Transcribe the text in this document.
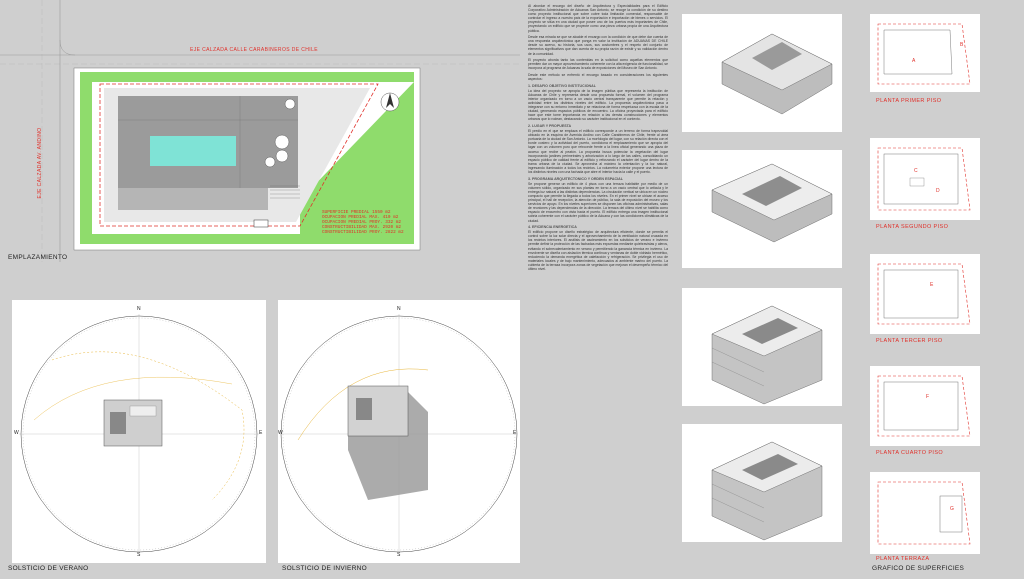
EJE CALZADA CALLE CARABINEROS DE CHILE
EJE CALZADA AV. ANDINO
SUPERFICIE PREDIAL 1550 m2
OCUPACION PREDIAL MAX. 410 m2
OCUPACION PREDIAL PROY. 332 m2
CONSTRUCTIBILIDAD MAX. 2920 m2
CONSTRUCTIBILIDAD PROY. 2822 m2
EMPLAZAMIENTO
N
S
W	E
SOLSTICIO DE VERANO
N
S
W	E
SOLSTICIO DE INVIERNO

Al abordar el encargo del diseño de Arquitectura y Especialidades para el Edificio Corporativo Administración de Aduanas San Antonio, se recoge la condición de su destino como proyecto institucional que sobre cubre toda limitación comercial, responsable de controlar el ingreso a nuestro país de la exportación e importación de bienes o servicios. El proyecto se sitúa en una ciudad que posee uno de los puertos más importantes de Chile, proyectando un edificio que se proyecte como una pieza urbana propia de una Arquitectura pública.

Desde esa mirada se que se alcalde el encargo con la condición de que debe dar cuenta de una respuesta arquitectónica que ponga en valor la institución de ADUANAS DE CHILE desde su acervo, su historia, sus usos, sus costumbres y el respeto del conjunto de elementos significativos que dan cuenta de su propia razón de existir y su validación dentro de la comunidad.

El proyecto aborda tanto las contenidas en la solicitud como aquellas elementos que permiten dar un mayor aprovechamiento coherente con la alta exigencia de funcionalidad, se incorpora al programa de Aduanas la sala de exposiciones del Museo de San Antonio.

Desde este método se enfrentó el encargo basado en consideraciones los siguientes aspectos:

1. DESAFIO OBJETIVO INSTITUCIONAL

La idea del proyecto se apropia de la imagen pública que representa la institución de Aduanas de Chile y representa desde una propuesta formal, el volumen del programa interior organizado en torno a un vacío central transparente que permite la relación y actividad entre los distintos niveles del edificio. La propuesta arquitectónica pasa a integrarse con su entorno inmediato y se relaciona de forma respetuosa con la escala de la ciudad, generando espacios públicos de encuentro. La oficina proyectada para el edificio hace que este tome importancia en relación a las demás construcciones y elementos urbanos que lo rodean, destacando su carácter institucional en el contexto.

2. LUGAR Y PROPUESTA

El predio en el que se emplaza el edificio corresponde a un terreno de forma trapezoidal ubicado en la esquina de Avenida Andino con Calle Carabineros de Chile, frente al área portuaria de la ciudad de San Antonio. La morfología del lugar, con su relación directa con el borde costero y la actividad del puerto, condiciona el emplazamiento que se apropia del lugar con un volumen puro que retrocede frente a la línea oficial generando una plaza de acceso que recibe al peatón. La propuesta busca potenciar la vegetación del lugar incorporando jardines perimetrales y arborización a lo largo de las calles, consolidando un espacio público de calidad frente al edificio y reforzando el carácter del lugar dentro de la trama urbana de la ciudad. Se aprovecha al máximo la orientación y la luz natural, ingresando iluminación a todos los recintos. La volumetría exterior propone una lectura de los distintos niveles con una fachada que abre el interior hacia la calle y el puerto.

3. PROGRAMA ARQUITECTONICO Y ORDEN ESPACIAL

Se propone generar un edificio de 4 pisos con una terraza habitable por medio de un volumen sólido, organizado en sus plantas en torno a un vacío central que lo articula y le entrega luz natural a las distintas dependencias. La circulación vertical se ubica en un núcleo compacto que permite la llegada a todos los niveles. En el primer nivel se ubican el acceso principal, el hall de recepción, la atención de público, la sala de exposición del museo y los servicios de apoyo. En los niveles superiores se disponen las oficinas administrativas, salas de reuniones y las dependencias de la dirección. La terraza del último nivel se habilita como espacio de encuentro con vista hacia el puerto. El edificio entrega una imagen institucional sobria coherente con el carácter público de la Aduana y con las condiciones climáticas de la ciudad.

4. EFICIENCIA ENERGETICA

El edificio propone un diseño estratégico de arquitectura eficiente, donde se permita el control sobre la luz solar directa y el aprovechamiento de la ventilación natural cruzada en los recintos interiores. El análisis de asoleamiento en los solsticios de verano e invierno permite definir la protección de las fachadas más expuestas mediante quiebravistas y aleros, evitando el sobrecalentamiento en verano y permitiendo la ganancia térmica en invierno. La envolvente se diseña con aislación térmica continua y ventanas de doble vidriado hermético, reduciendo la demanda energética de calefacción y refrigeración. Se privilegia el uso de materiales locales y de bajo mantenimiento, adecuados al ambiente marino del puerto. La cubierta de la terraza incorpora zonas de vegetación que mejoran el desempeño térmico del último nivel.

A
B
C
D
E
F
G
PLANTA PRIMER PISO
PLANTA SEGUNDO PISO
PLANTA TERCER PISO
PLANTA CUARTO PISO
PLANTA TERRAZA
GRAFICO DE SUPERFICIES
